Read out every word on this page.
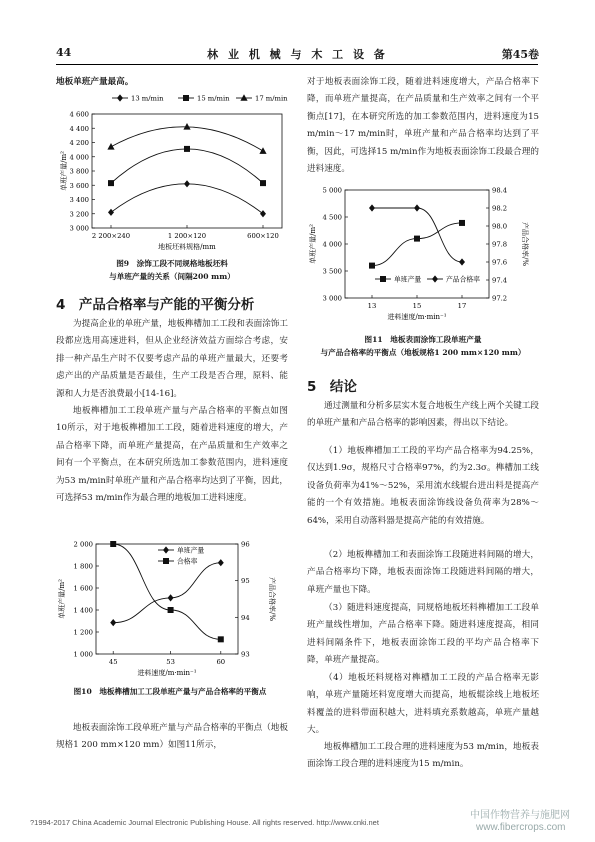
44	林 业 机 械 与 木 工 设 备	第45卷
地板单班产量最高。
3 000
3 200
3 400
3 600
3 800
4 000
4 200
4 400
4 600
2 200×240	1 200×120	600×120
地板坯料规格/mm
单班产量/m²
13 m/min	15 m/min	17 m/min
图9　涂饰工段不同规格地板坯料
与单班产量的关系（间隔200 mm）
4　产品合格率与产能的平衡分析
为提高企业的单班产量，地板榫槽加工工段和表面涂饰工段都应选用高速进料，但从企业经济效益方面综合考虑，安排一种产品生产时不仅要考虑产品的单班产量最大，还要考虑产出的产品质量是否最佳，生产工段是否合理，原料、能源和人力是否浪费最小[14-16]。
地板榫槽加工工段单班产量与产品合格率的平衡点如图10所示，对于地板榫槽加工工段，随着进料速度的增大，产品合格率下降，而单班产量提高，在产品质量和生产效率之间有一个平衡点，在本研究所选加工参数范围内，进料速度为53 m/min时单班产量和产品合格率均达到了平衡，因此，可选择53 m/min作为最合理的地板加工进料速度。
1 000
1 200
1 400
1 600
1 800
2 000
93
94
95
96
45	53	60
进料速度/m·min⁻¹
单班产量/m²	产品合格率/%
单班产量
合格率
图10　地板榫槽加工工段单班产量与产品合格率的平衡点
地板表面涂饰工段单班产量与产品合格率的平衡点（地板规格1 200 mm×120 mm）如图11所示，
对于地板表面涂饰工段，随着进料速度增大，产品合格率下降，而单班产量提高，在产品质量和生产效率之间有一个平衡点[17]，在本研究所选的加工参数范围内，进料速度为15 m/min～17 m/min时，单班产量和产品合格率均达到了平衡，因此，可选择15 m/min作为地板表面涂饰工段最合理的进料速度。
3 000
3 500
4 000
4 500
5 000
97.2
97.4
97.6
97.8
98.0
98.2
98.4
13	15	17
进料速度/m·min⁻¹
单班产量/m²	产品合格率/%
单班产量	产品合格率
图11　地板表面涂饰工段单班产量
与产品合格率的平衡点（地板规格1 200 mm×120 mm）
5　结论
通过测量和分析多层实木复合地板生产线上两个关键工段的单班产量和产品合格率的影响因素，得出以下结论。
（1）地板榫槽加工工段的平均产品合格率为94.25%，仅达到1.9σ，规格尺寸合格率97%，约为2.3σ。榫槽加工线设备负荷率为41%～52%，采用流水线辊台进出料是提高产能的一个有效措施。地板表面涂饰线设备负荷率为28%～64%，采用自动落料器是提高产能的有效措施。
（2）地板榫槽加工和表面涂饰工段随进料间隔的增大，产品合格率均下降，地板表面涂饰工段随进料间隔的增大，单班产量也下降。
（3）随进料速度提高，同规格地板坯料榫槽加工工段单班产量线性增加，产品合格率下降。随进料速度提高，相同进料间隔条件下，地板表面涂饰工段的平均产品合格率下降，单班产量提高。
（4）地板坯料规格对榫槽加工工段的产品合格率无影响，单班产量随坯料宽度增大而提高，地板辊涂线上地板坯料覆盖的进料带面积越大，进料填充系数越高，单班产量越大。
地板榫槽加工工段合理的进料速度为53 m/min，地板表面涂饰工段合理的进料速度为15 m/min。
?1994-2017 China Academic Journal Electronic Publishing House. All rights reserved. http://www.cnki.net
中国作物营养与施肥网
www.fibercrops.com
